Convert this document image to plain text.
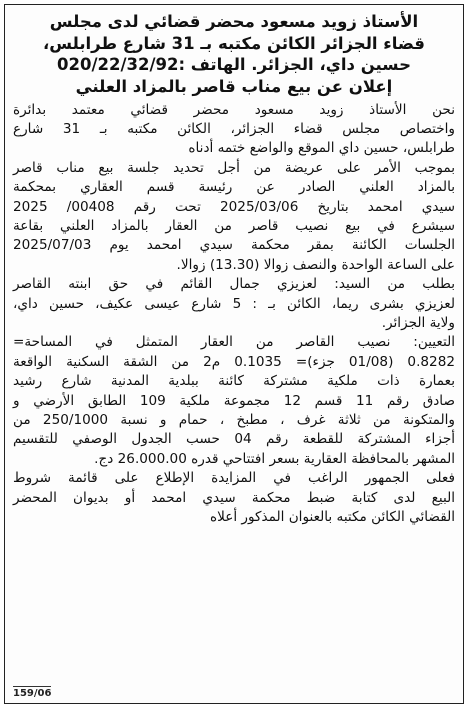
الأستاذ زويد مسعود محضر قضائي لدى مجلس
قضاء الجزائر الكائن مكتبه بـ 31 شارع طرابلس،
حسين داي، الجزائر. الهاتف :020/22/32/92
إعلان عن بيع مناب قاصر بالمزاد العلني
نحن الأستاذ زويد مسعود محضر قضائي معتمد بدائرة
واختصاص مجلس قضاء الجزائر، الكائن مكتبه بـ 31 شارع
طرابلس، حسين داي الموقع والواضع ختمه أدناه
بموجب الأمر على عريضة من أجل تحديد جلسة بيع مناب قاصر
بالمزاد العلني الصادر عن رئيسة قسم العقاري بمحكمة
سيدي امحمد بتاريخ 2025/03/06 تحت رقم 00408/ 2025
سيشرع في بيع نصيب قاصر من العقار بالمزاد العلني بقاعة
الجلسات الكائنة بمقر محكمة سيدي امحمد يوم 2025/07/03
على الساعة الواحدة والنصف زوالا (13.30) زوالا.
بطلب من السيد: لعزيزي جمال القائم في حق ابنته القاصر
لعزيزي بشرى ريما، الكائن بـ : 5 شارع عيسى عكيف، حسين داي،
ولاية الجزائر.
التعيين: نصيب القاصر من العقار المتمثل في المساحة=
0.8282 (01/08 جزء)= 0.1035 م2 من الشقة السكنية الواقعة
بعمارة ذات ملكية مشتركة كائنة ببلدية المدنية شارع رشيد
صادق رقم 11 قسم 12 مجموعة ملكية 109 الطابق الأرضي و
والمتكونة من ثلاثة غرف ، مطبخ ، حمام و نسبة 250/1000 من
أجزاء المشتركة للقطعة رقم 04 حسب الجدول الوصفي للتقسيم
المشهر بالمحافظة العقارية بسعر افتتاحي قدره 26.000.00 دج.
فعلى الجمهور الراغب في المزايدة الإطلاع على قائمة شروط
البيع لدى كتابة ضبط محكمة سيدي امحمد أو بديوان المحضر
القضائي الكائن مكتبه بالعنوان المذكور أعلاه
159/06
